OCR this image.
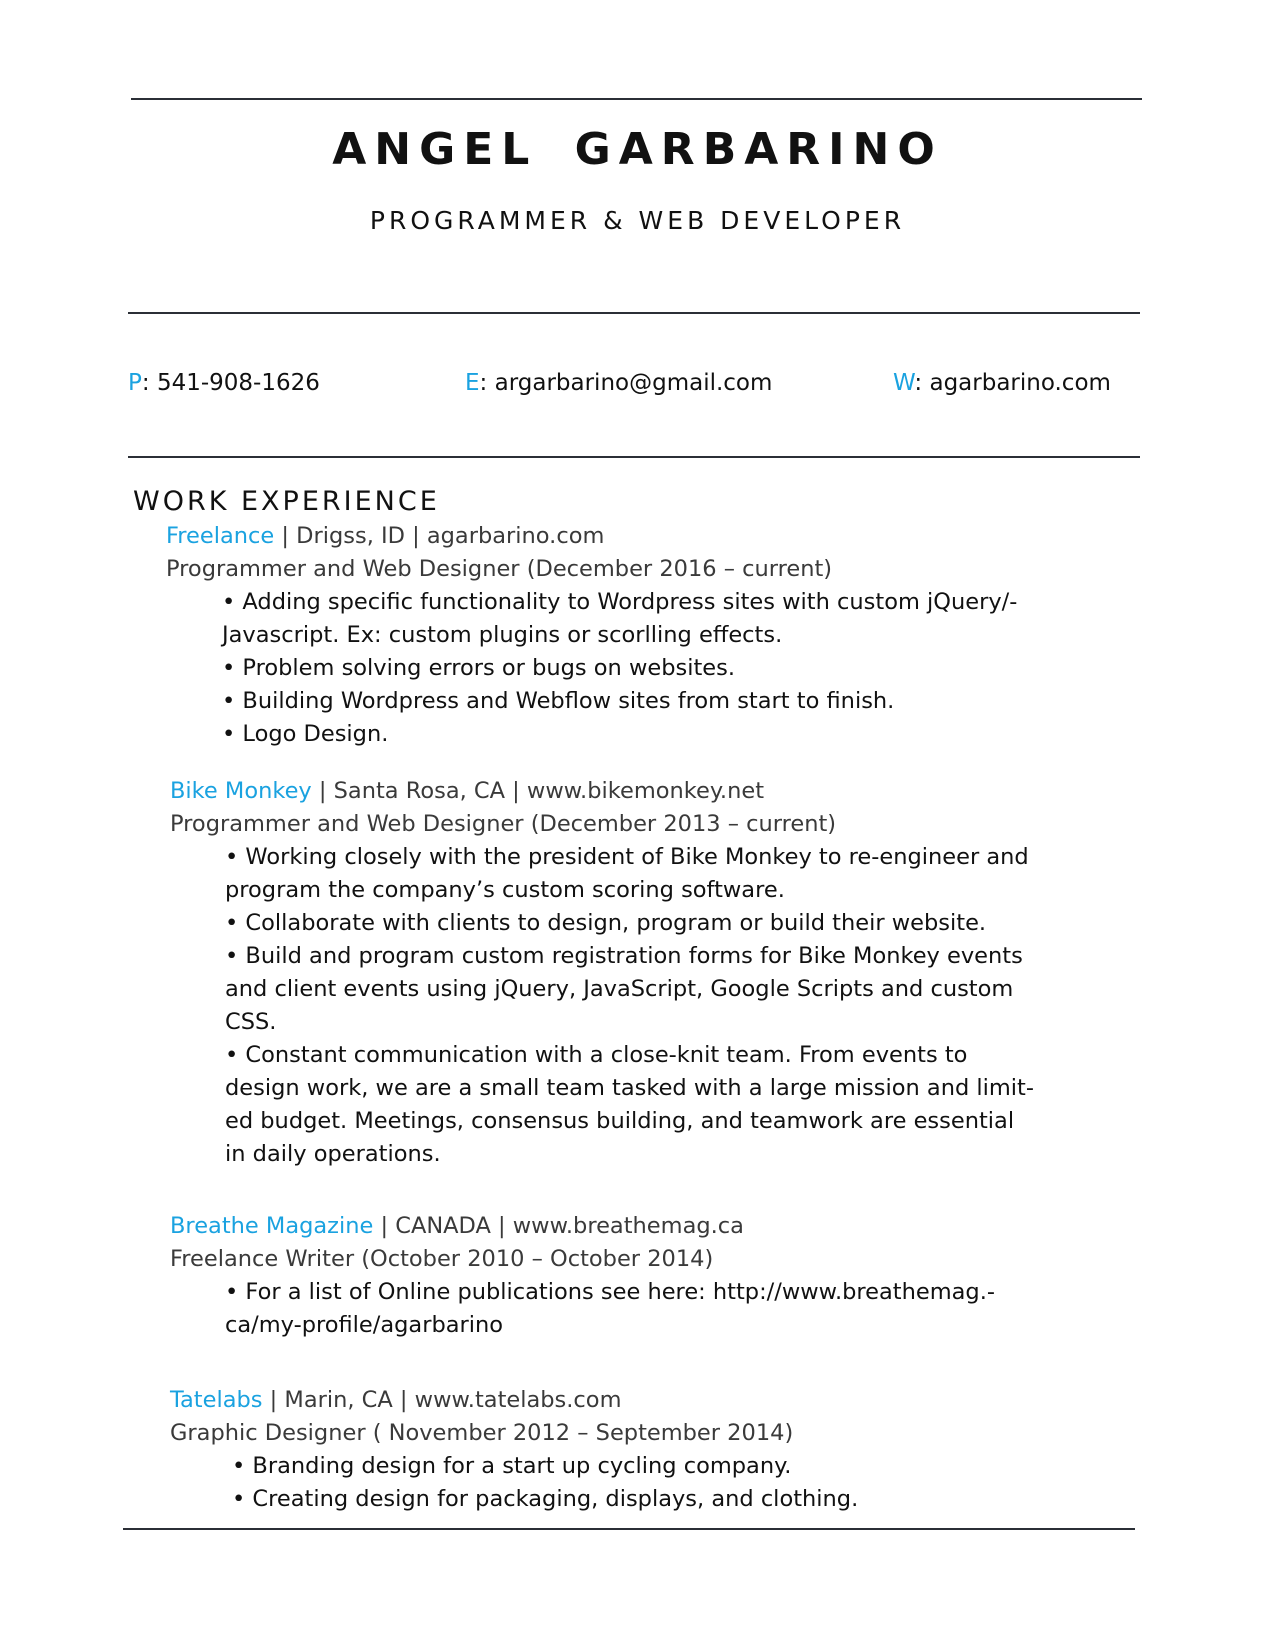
ANGEL GARBARINO
PROGRAMMER & WEB DEVELOPER
P: 541-908-1626	E: argarbarino@gmail.com	W: agarbarino.com
WORK EXPERIENCE
Freelance | Drigss, ID | agarbarino.com
Programmer and Web Designer (December 2016 – current)
• Adding specific functionality to Wordpress sites with custom jQuery/-
Javascript. Ex: custom plugins or scorlling effects.
• Problem solving errors or bugs on websites.
• Building Wordpress and Webflow sites from start to finish.
• Logo Design.
Bike Monkey | Santa Rosa, CA | www.bikemonkey.net
Programmer and Web Designer (December 2013 – current)
• Working closely with the president of Bike Monkey to re-engineer and
program the company’s custom scoring software.
• Collaborate with clients to design, program or build their website.
• Build and program custom registration forms for Bike Monkey events
and client events using jQuery, JavaScript, Google Scripts and custom
CSS.
• Constant communication with a close-knit team. From events to
design work, we are a small team tasked with a large mission and limit-
ed budget. Meetings, consensus building, and teamwork are essential
in daily operations.
Breathe Magazine | CANADA | www.breathemag.ca
Freelance Writer (October 2010 – October 2014)
• For a list of Online publications see here: http://www.breathemag.-
ca/my-profile/agarbarino
Tatelabs | Marin, CA | www.tatelabs.com
Graphic Designer ( November 2012 – September 2014)
• Branding design for a start up cycling company.
• Creating design for packaging, displays, and clothing.
